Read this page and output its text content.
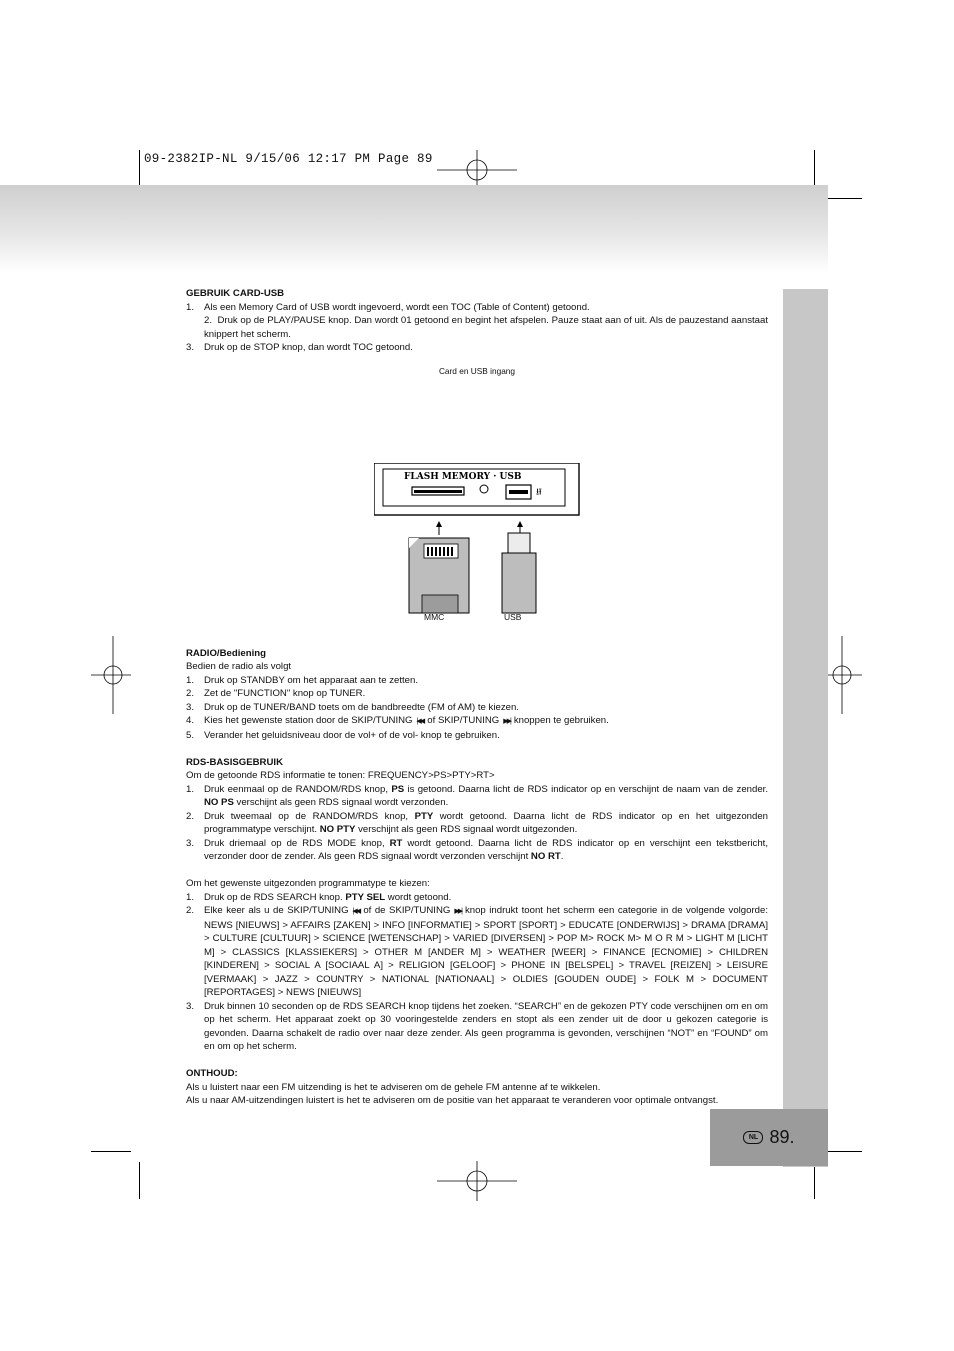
09-2382IP-NL 9/15/06 12:17 PM Page 89
NL 89.

GEBRUIK CARD-USB

1. Als een Memory Card of USB wordt ingevoerd, wordt een TOC (Table of Content) getoond.

2. Druk op de PLAY/PAUSE knop. Dan wordt 01 getoond en begint het afspelen. Pauze staat aan of uit. Als de pauzestand aanstaat knippert het scherm.

3. Druk op de STOP knop, dan wordt TOC getoond.

Card en USB ingang
FLASH MEMORY · USB
⭿
MMC	USB

RADIO/Bediening

Bedien de radio als volgt

1. Druk op STANDBY om het apparaat aan te zetten.

2. Zet de "FUNCTION" knop op TUNER.

3. Druk op de TUNER/BAND toets om de bandbreedte (FM of AM) te kiezen.

4. Kies het gewenste station door de SKIP/TUNING |◀◀ of SKIP/TUNING ▶▶| knoppen te gebruiken.

5. Verander het geluidsniveau door de vol+ of de vol- knop te gebruiken.

RDS-BASISGEBRUIK

Om de getoonde RDS informatie te tonen: FREQUENCY>PS>PTY>RT>

1. Druk eenmaal op de RANDOM/RDS knop, PS is getoond. Daarna licht de RDS indicator op en verschijnt de naam van de zender. NO PS verschijnt als geen RDS signaal wordt verzonden.

2. Druk tweemaal op de RANDOM/RDS knop, PTY wordt getoond. Daarna licht de RDS indicator op en het uitgezonden programmatype verschijnt. NO PTY verschijnt als geen RDS signaal wordt uitgezonden.

3. Druk driemaal op de RDS MODE knop, RT wordt getoond. Daarna licht de RDS indicator op en verschijnt een tekstbericht, verzonder door de zender. Als geen RDS signaal wordt verzonden verschijnt NO RT.

Om het gewenste uitgezonden programmatype te kiezen:

1. Druk op de RDS SEARCH knop. PTY SEL wordt getoond.

2. Elke keer als u de SKIP/TUNING |◀◀ of de SKIP/TUNING ▶▶| knop indrukt toont het scherm een categorie in de volgende volgorde: NEWS [NIEUWS] > AFFAIRS [ZAKEN] > INFO [INFORMATIE] > SPORT [SPORT] > EDUCATE [ONDERWIJS] > DRAMA [DRAMA] > CULTURE [CULTUUR] > SCIENCE [WETENSCHAP] > VARIED [DIVERSEN] > POP M> ROCK M> M O R M > LIGHT M [LICHT M] > CLASSICS [KLASSIEKERS] > OTHER M [ANDER M] > WEATHER [WEER] > FINANCE [ECNOMIE] > CHILDREN [KINDEREN] > SOCIAL A [SOCIAAL A] > RELIGION [GELOOF] > PHONE IN [BELSPEL] > TRAVEL [REIZEN] > LEISURE [VERMAAK] > JAZZ > COUNTRY > NATIONAL [NATIONAAL] > OLDIES [GOUDEN OUDE] > FOLK M > DOCUMENT [REPORTAGES] > NEWS [NIEUWS]

3. Druk binnen 10 seconden op de RDS SEARCH knop tijdens het zoeken. “SEARCH” en de gekozen PTY code verschijnen om en om op het scherm. Het apparaat zoekt op 30 vooringestelde zenders en stopt als een zender uit de door u gekozen categorie is gevonden. Daarna schakelt de radio over naar deze zender. Als geen programma is gevonden, verschijnen “NOT” en “FOUND” om en om op het scherm.

ONTHOUD:

Als u luistert naar een FM uitzending is het te adviseren om de gehele FM antenne af te wikkelen.

Als u naar AM-uitzendingen luistert is het te adviseren om de positie van het apparaat te veranderen voor optimale ontvangst.
